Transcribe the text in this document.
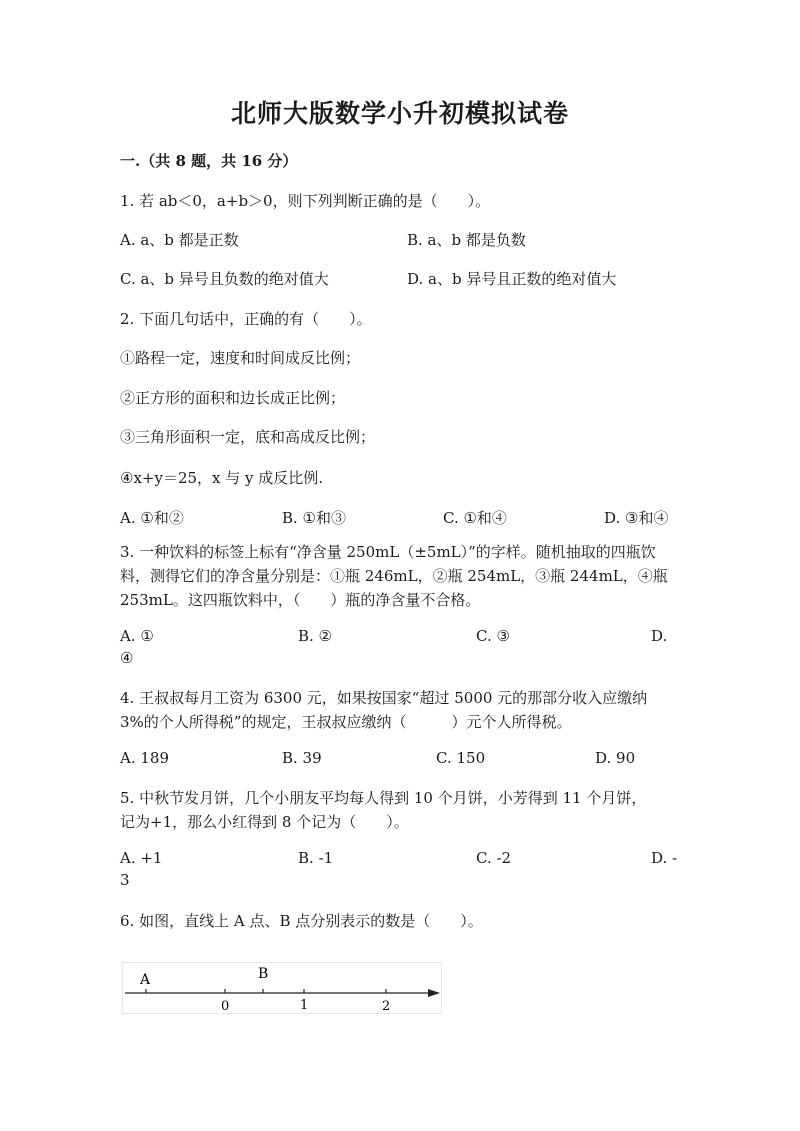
北师大版数学小升初模拟试卷
一.（共 8 题，共 16 分）
1. 若 ab＜0，a+b＞0，则下列判断正确的是（　　）。
A. a、b 都是正数	B. a、b 都是负数
C. a、b 异号且负数的绝对值大	D. a、b 异号且正数的绝对值大
2. 下面几句话中，正确的有（　　）。
①路程一定，速度和时间成反比例；
②正方形的面积和边长成正比例；
③三角形面积一定，底和高成反比例；
④x+y＝25，x 与 y 成反比例.
A. ①和②	B. ①和③	C. ①和④	D. ③和④
3. 一种饮料的标签上标有“净含量 250mL（±5mL）”的字样。随机抽取的四瓶饮
料，测得它们的净含量分别是：①瓶 246mL，②瓶 254mL，③瓶 244mL，④瓶
253mL。这四瓶饮料中，（　　）瓶的净含量不合格。
A. ①	B. ②	C. ③	D.
④
4. 王叔叔每月工资为 6300 元，如果按国家“超过 5000 元的那部分收入应缴纳
3%的个人所得税”的规定，王叔叔应缴纳（　　　）元个人所得税。
A. 189	B. 39	C. 150	D. 90
5. 中秋节发月饼，几个小朋友平均每人得到 10 个月饼，小芳得到 11 个月饼，
记为+1，那么小红得到 8 个记为（　　）。
A. +1	B. -1	C. -2	D. -
3
6. 如图，直线上 A 点、B 点分别表示的数是（　　）。
A	B
0	1	2
